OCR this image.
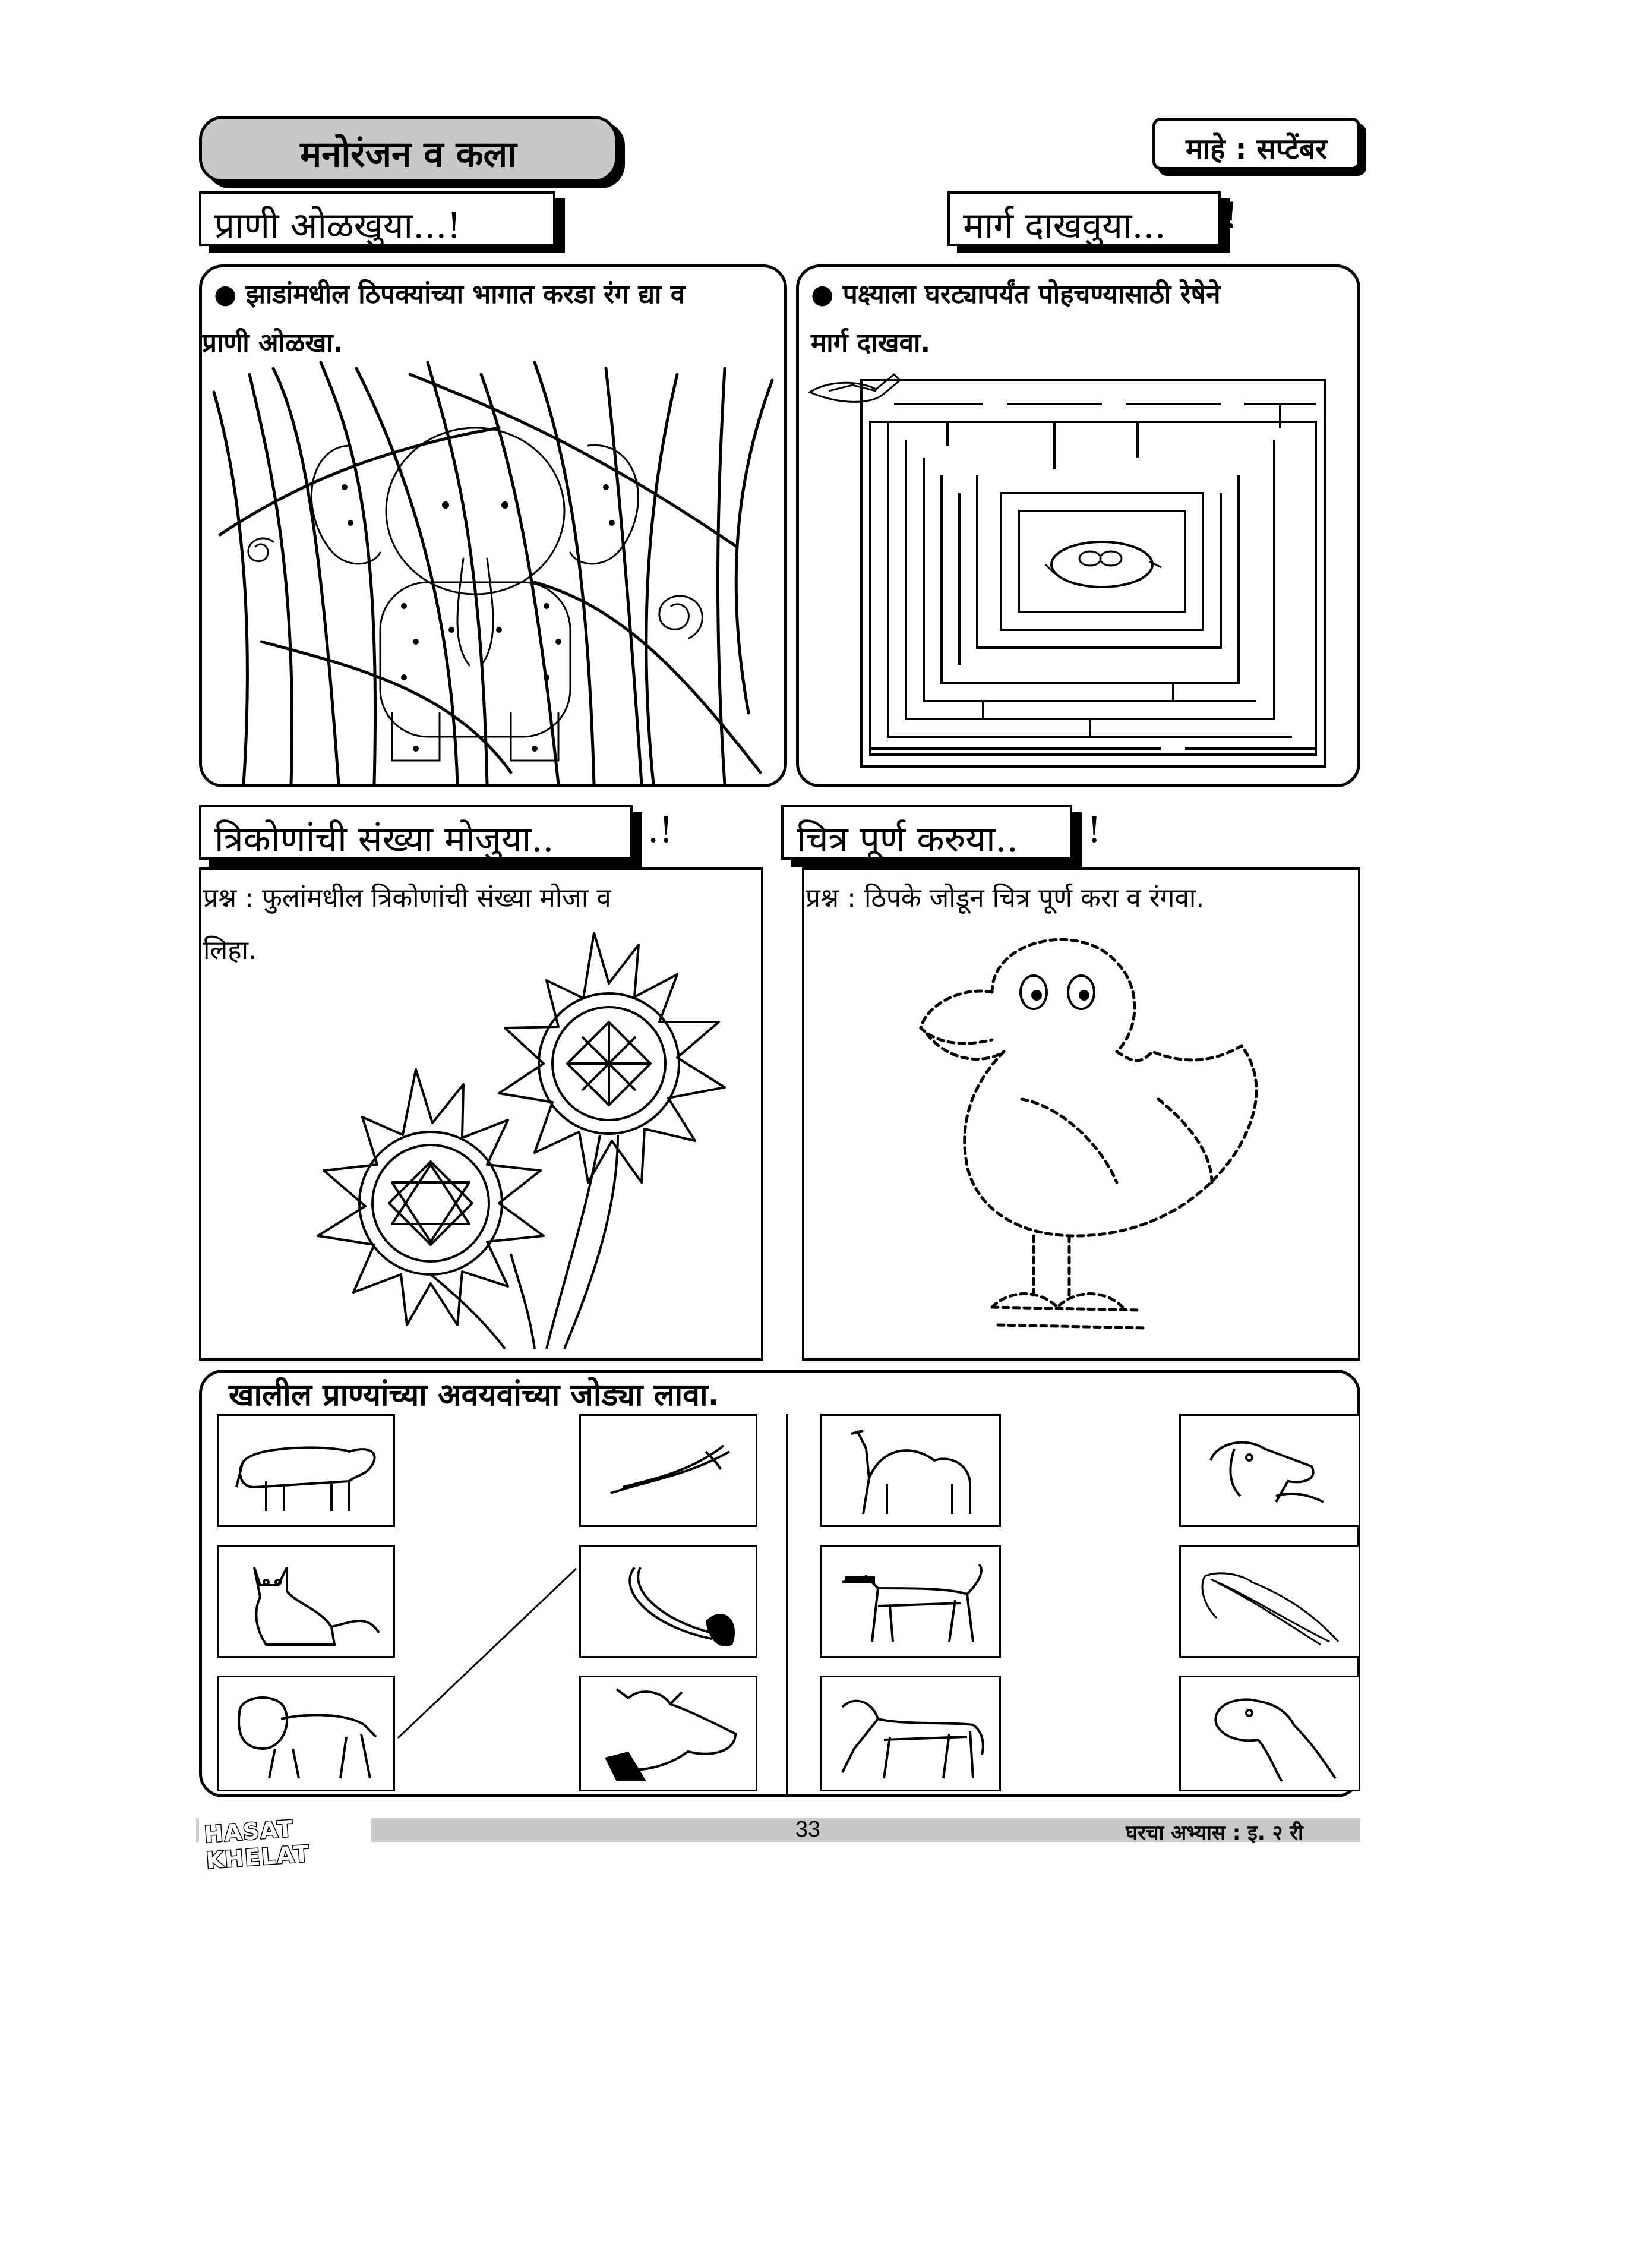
मनोरंजन व कला	माहे : सप्टेंबर
प्राणी ओळखुया...!	मार्ग दाखवुया... !
● झाडांमधील ठिपक्यांच्या भागात करडा रंग द्या व
प्राणी ओळखा.
● पक्ष्याला घरट्यापर्यंत पोहचण्यासाठी रेषेने
मार्ग दाखवा.
त्रिकोणांची संख्या मोजुया..	.!	चित्र पूर्ण करुया.. !
प्रश्न : फुलांमधील त्रिकोणांची संख्या मोजा व
लिहा.
प्रश्न : ठिपके जोडून चित्र पूर्ण करा व रंगवा.
खालील प्राण्यांच्या अवयवांच्या जोड्या लावा.
HASAT KHELAT
33	घरचा अभ्यास : इ. २ री
